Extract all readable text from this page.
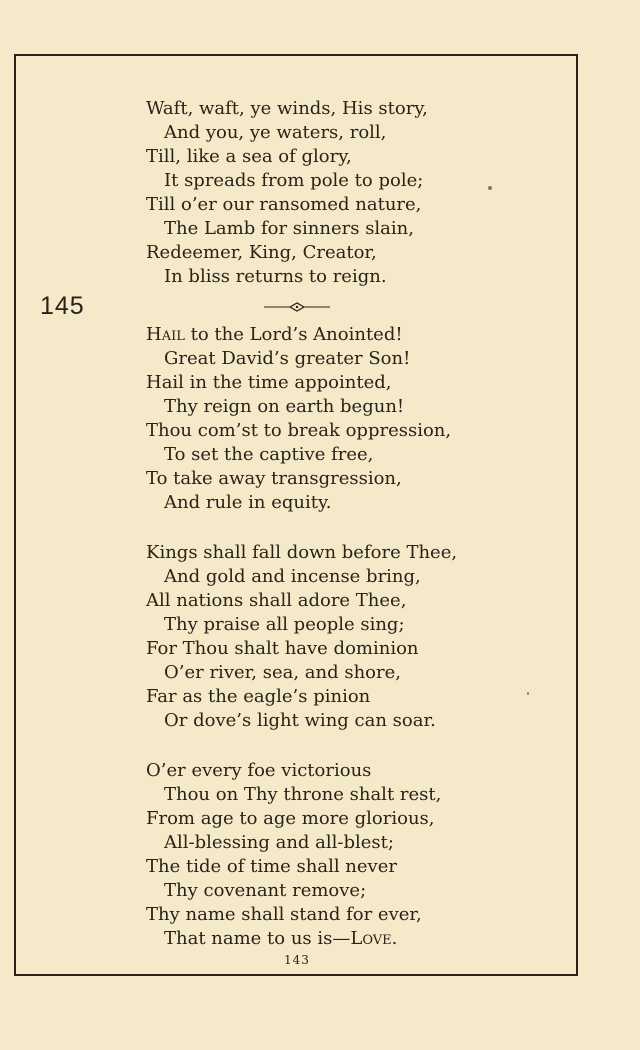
Waft, waft, ye winds, His story,
And you, ye waters, roll,
Till, like a sea of glory,
It spreads from pole to pole;
Till o’er our ransomed nature,
The Lamb for sinners slain,
Redeemer, King, Creator,
In bliss returns to reign.
145
Hail to the Lord’s Anointed!
Great David’s greater Son!
Hail in the time appointed,
Thy reign on earth begun!
Thou com’st to break oppression,
To set the captive free,
To take away transgression,
And rule in equity.
Kings shall fall down before Thee,
And gold and incense bring,
All nations shall adore Thee,
Thy praise all people sing;
For Thou shalt have dominion
O’er river, sea, and shore,
Far as the eagle’s pinion
Or dove’s light wing can soar.
O’er every foe victorious
Thou on Thy throne shalt rest,
From age to age more glorious,
All-blessing and all-blest;
The tide of time shall never
Thy covenant remove;
Thy name shall stand for ever,
That name to us is—Love.
143
